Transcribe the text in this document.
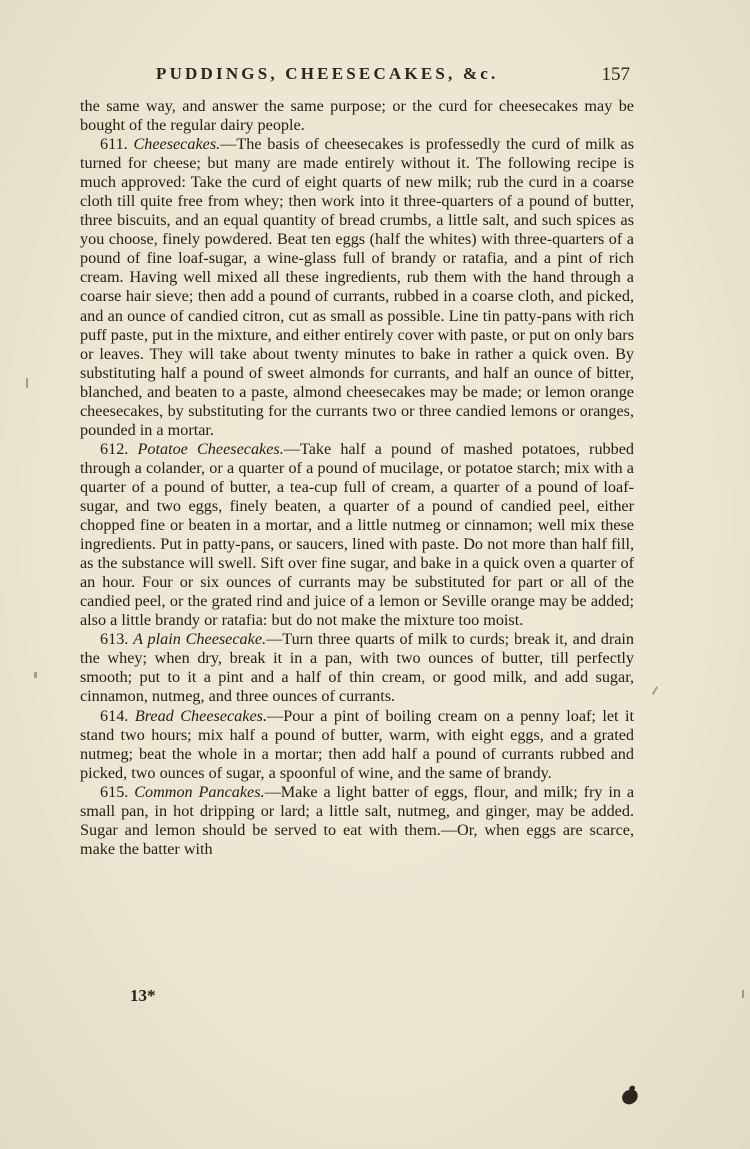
PUDDINGS, CHEESECAKES, &c.	157

the same way, and answer the same purpose; or the curd for cheesecakes may be bought of the regular dairy people.

611. Cheesecakes.—The basis of cheesecakes is professedly the curd of milk as turned for cheese; but many are made entirely without it. The following recipe is much approved: Take the curd of eight quarts of new milk; rub the curd in a coarse cloth till quite free from whey; then work into it three-quarters of a pound of butter, three biscuits, and an equal quantity of bread crumbs, a little salt, and such spices as you choose, finely powdered. Beat ten eggs (half the whites) with three-quarters of a pound of fine loaf-sugar, a wine-glass full of brandy or ratafia, and a pint of rich cream. Having well mixed all these ingredients, rub them with the hand through a coarse hair sieve; then add a pound of currants, rubbed in a coarse cloth, and picked, and an ounce of candied citron, cut as small as possible. Line tin patty-pans with rich puff paste, put in the mixture, and either entirely cover with paste, or put on only bars or leaves. They will take about twenty minutes to bake in rather a quick oven. By substituting half a pound of sweet almonds for currants, and half an ounce of bitter, blanched, and beaten to a paste, almond cheesecakes may be made; or lemon orange cheesecakes, by substituting for the currants two or three candied lemons or oranges, pounded in a mortar.

612. Potatoe Cheesecakes.—Take half a pound of mashed potatoes, rubbed through a colander, or a quarter of a pound of mucilage, or potatoe starch; mix with a quarter of a pound of butter, a tea-cup full of cream, a quarter of a pound of loaf-sugar, and two eggs, finely beaten, a quarter of a pound of candied peel, either chopped fine or beaten in a mortar, and a little nutmeg or cinnamon; well mix these ingredients. Put in patty-pans, or saucers, lined with paste. Do not more than half fill, as the substance will swell. Sift over fine sugar, and bake in a quick oven a quarter of an hour. Four or six ounces of currants may be substituted for part or all of the candied peel, or the grated rind and juice of a lemon or Seville orange may be added; also a little brandy or ratafia: but do not make the mixture too moist.

613. A plain Cheesecake.—Turn three quarts of milk to curds; break it, and drain the whey; when dry, break it in a pan, with two ounces of butter, till perfectly smooth; put to it a pint and a half of thin cream, or good milk, and add sugar, cinnamon, nutmeg, and three ounces of currants.

614. Bread Cheesecakes.—Pour a pint of boiling cream on a penny loaf; let it stand two hours; mix half a pound of butter, warm, with eight eggs, and a grated nutmeg; beat the whole in a mortar; then add half a pound of currants rubbed and picked, two ounces of sugar, a spoonful of wine, and the same of brandy.

615. Common Pancakes.—Make a light batter of eggs, flour, and milk; fry in a small pan, in hot dripping or lard; a little salt, nutmeg, and ginger, may be added. Sugar and lemon should be served to eat with them.—Or, when eggs are scarce, make the batter with

13*
